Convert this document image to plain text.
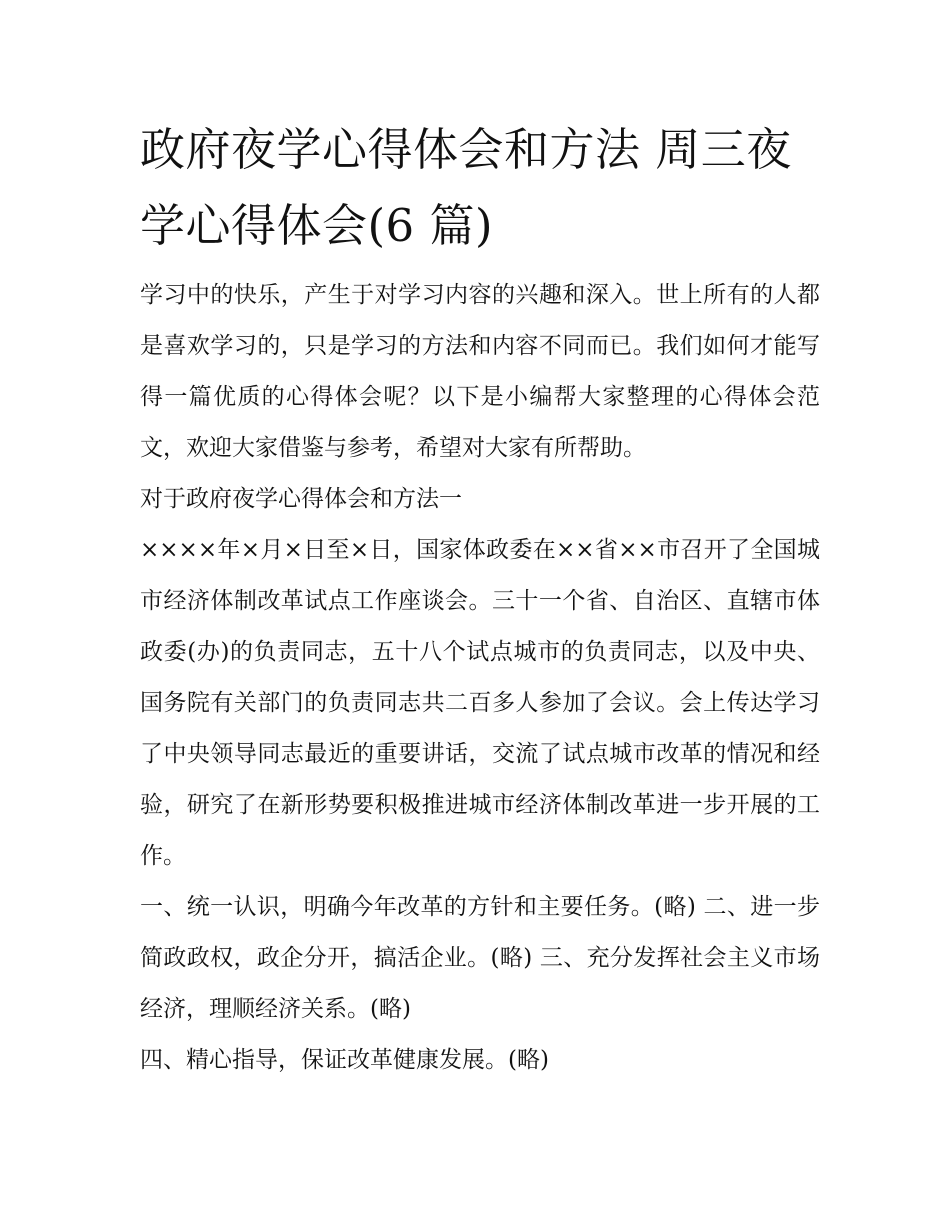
政府夜学心得体会和方法 周三夜学心得体会(6 篇)

学习中的快乐，产生于对学习内容的兴趣和深入。世上所有的人都是喜欢学习的，只是学习的方法和内容不同而已。我们如何才能写得一篇优质的心得体会呢？以下是小编帮大家整理的心得体会范文，欢迎大家借鉴与参考，希望对大家有所帮助。

对于政府夜学心得体会和方法一

××××年×月×日至×日，国家体政委在××省××市召开了全国城市经济体制改革试点工作座谈会。三十一个省、自治区、直辖市体政委(办)的负责同志，五十八个试点城市的负责同志，以及中央、国务院有关部门的负责同志共二百多人参加了会议。会上传达学习了中央领导同志最近的重要讲话，交流了试点城市改革的情况和经验，研究了在新形势要积极推进城市经济体制改革进一步开展的工作。

一、统一认识，明确今年改革的方针和主要任务。(略) 二、进一步简政政权，政企分开，搞活企业。(略) 三、充分发挥社会主义市场经济，理顺经济关系。(略)

四、精心指导，保证改革健康发展。(略)
